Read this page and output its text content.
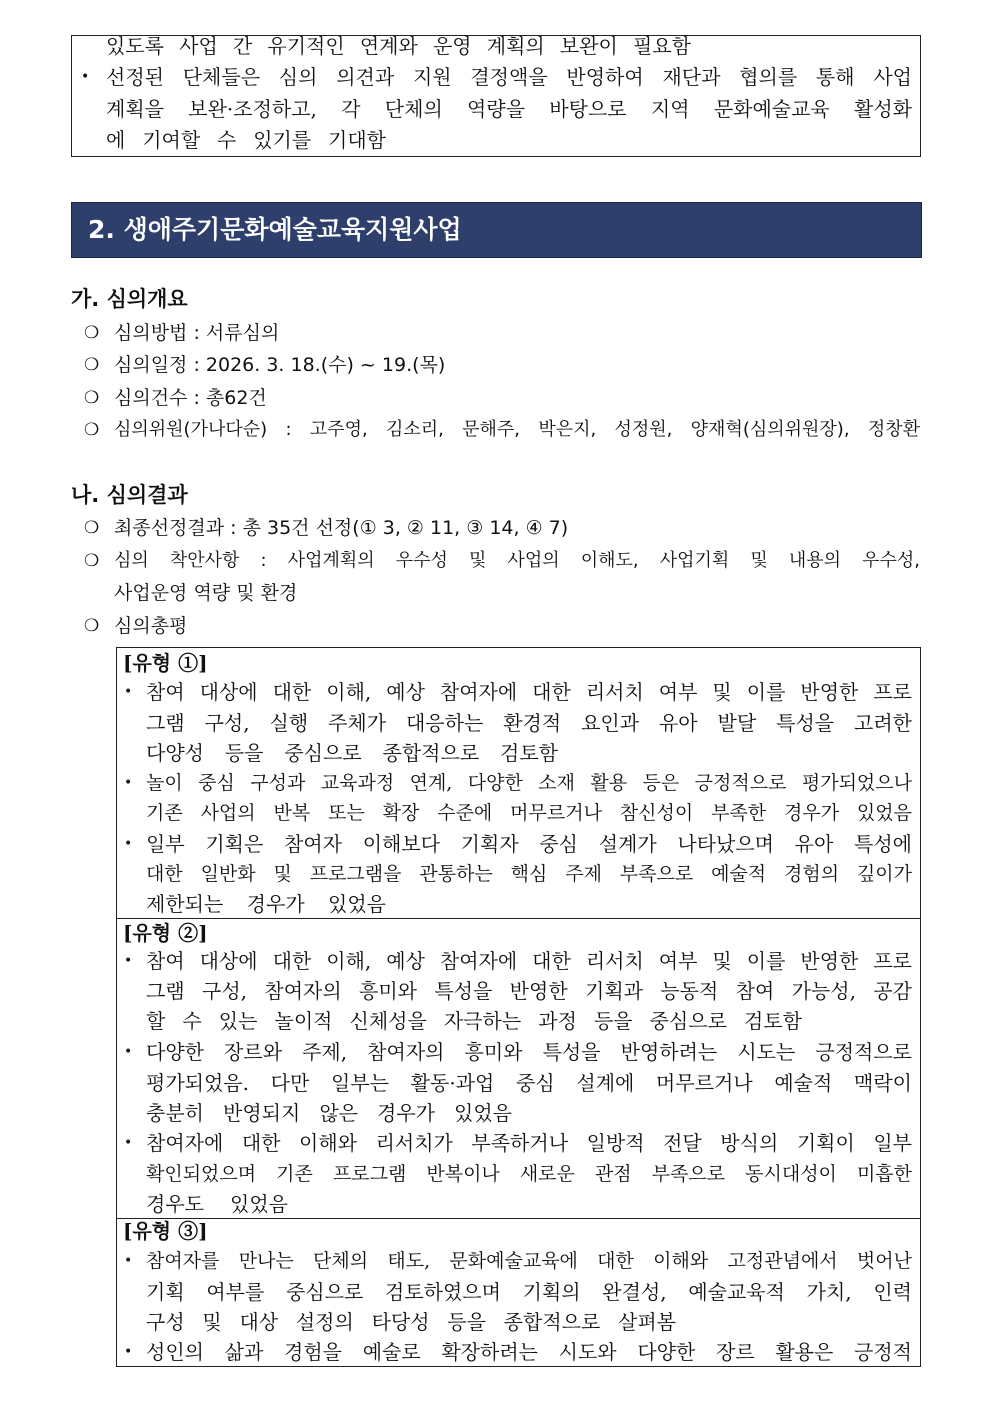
있도록 사업 간 유기적인 연계와 운영 계획의 보완이 필요함
• 선정된 단체들은 심의 의견과 지원 결정액을 반영하여 재단과 협의를 통해 사업
계획을 보완·조정하고, 각 단체의 역량을 바탕으로 지역 문화예술교육 활성화
에 기여할 수 있기를 기대함
2. 생애주기문화예술교육지원사업
가. 심의개요
❍ 심의방법 : 서류심의
❍ 심의일정 : 2026. 3. 18.(수) ~ 19.(목)
❍ 심의건수 : 총62건
❍ 심의위원(가나다순) : 고주영, 김소리, 문해주, 박은지, 성정원, 양재혁(심의위원장), 정창환
나. 심의결과
❍ 최종선정결과 : 총 35건 선정(① 3, ② 11, ③ 14, ④ 7)
❍ 심의 착안사항 : 사업계획의 우수성 및 사업의 이해도, 사업기획 및 내용의 우수성,
사업운영 역량 및 환경
❍ 심의총평
[유형 ①]
• 참여 대상에 대한 이해, 예상 참여자에 대한 리서치 여부 및 이를 반영한 프로
그램 구성, 실행 주체가 대응하는 환경적 요인과 유아 발달 특성을 고려한
다양성 등을 중심으로 종합적으로 검토함
• 놀이 중심 구성과 교육과정 연계, 다양한 소재 활용 등은 긍정적으로 평가되었으나
기존 사업의 반복 또는 확장 수준에 머무르거나 참신성이 부족한 경우가 있었음
• 일부 기획은 참여자 이해보다 기획자 중심 설계가 나타났으며 유아 특성에
대한 일반화 및 프로그램을 관통하는 핵심 주제 부족으로 예술적 경험의 깊이가
제한되는 경우가 있었음
[유형 ②]
• 참여 대상에 대한 이해, 예상 참여자에 대한 리서치 여부 및 이를 반영한 프로
그램 구성, 참여자의 흥미와 특성을 반영한 기획과 능동적 참여 가능성, 공감
할 수 있는 놀이적 신체성을 자극하는 과정 등을 중심으로 검토함
• 다양한 장르와 주제, 참여자의 흥미와 특성을 반영하려는 시도는 긍정적으로
평가되었음. 다만 일부는 활동·과업 중심 설계에 머무르거나 예술적 맥락이
충분히 반영되지 않은 경우가 있었음
• 참여자에 대한 이해와 리서치가 부족하거나 일방적 전달 방식의 기획이 일부
확인되었으며 기존 프로그램 반복이나 새로운 관점 부족으로 동시대성이 미흡한
경우도 있었음
[유형 ③]
• 참여자를 만나는 단체의 태도, 문화예술교육에 대한 이해와 고정관념에서 벗어난
기획 여부를 중심으로 검토하였으며 기획의 완결성, 예술교육적 가치, 인력
구성 및 대상 설정의 타당성 등을 종합적으로 살펴봄
• 성인의 삶과 경험을 예술로 확장하려는 시도와 다양한 장르 활용은 긍정적
